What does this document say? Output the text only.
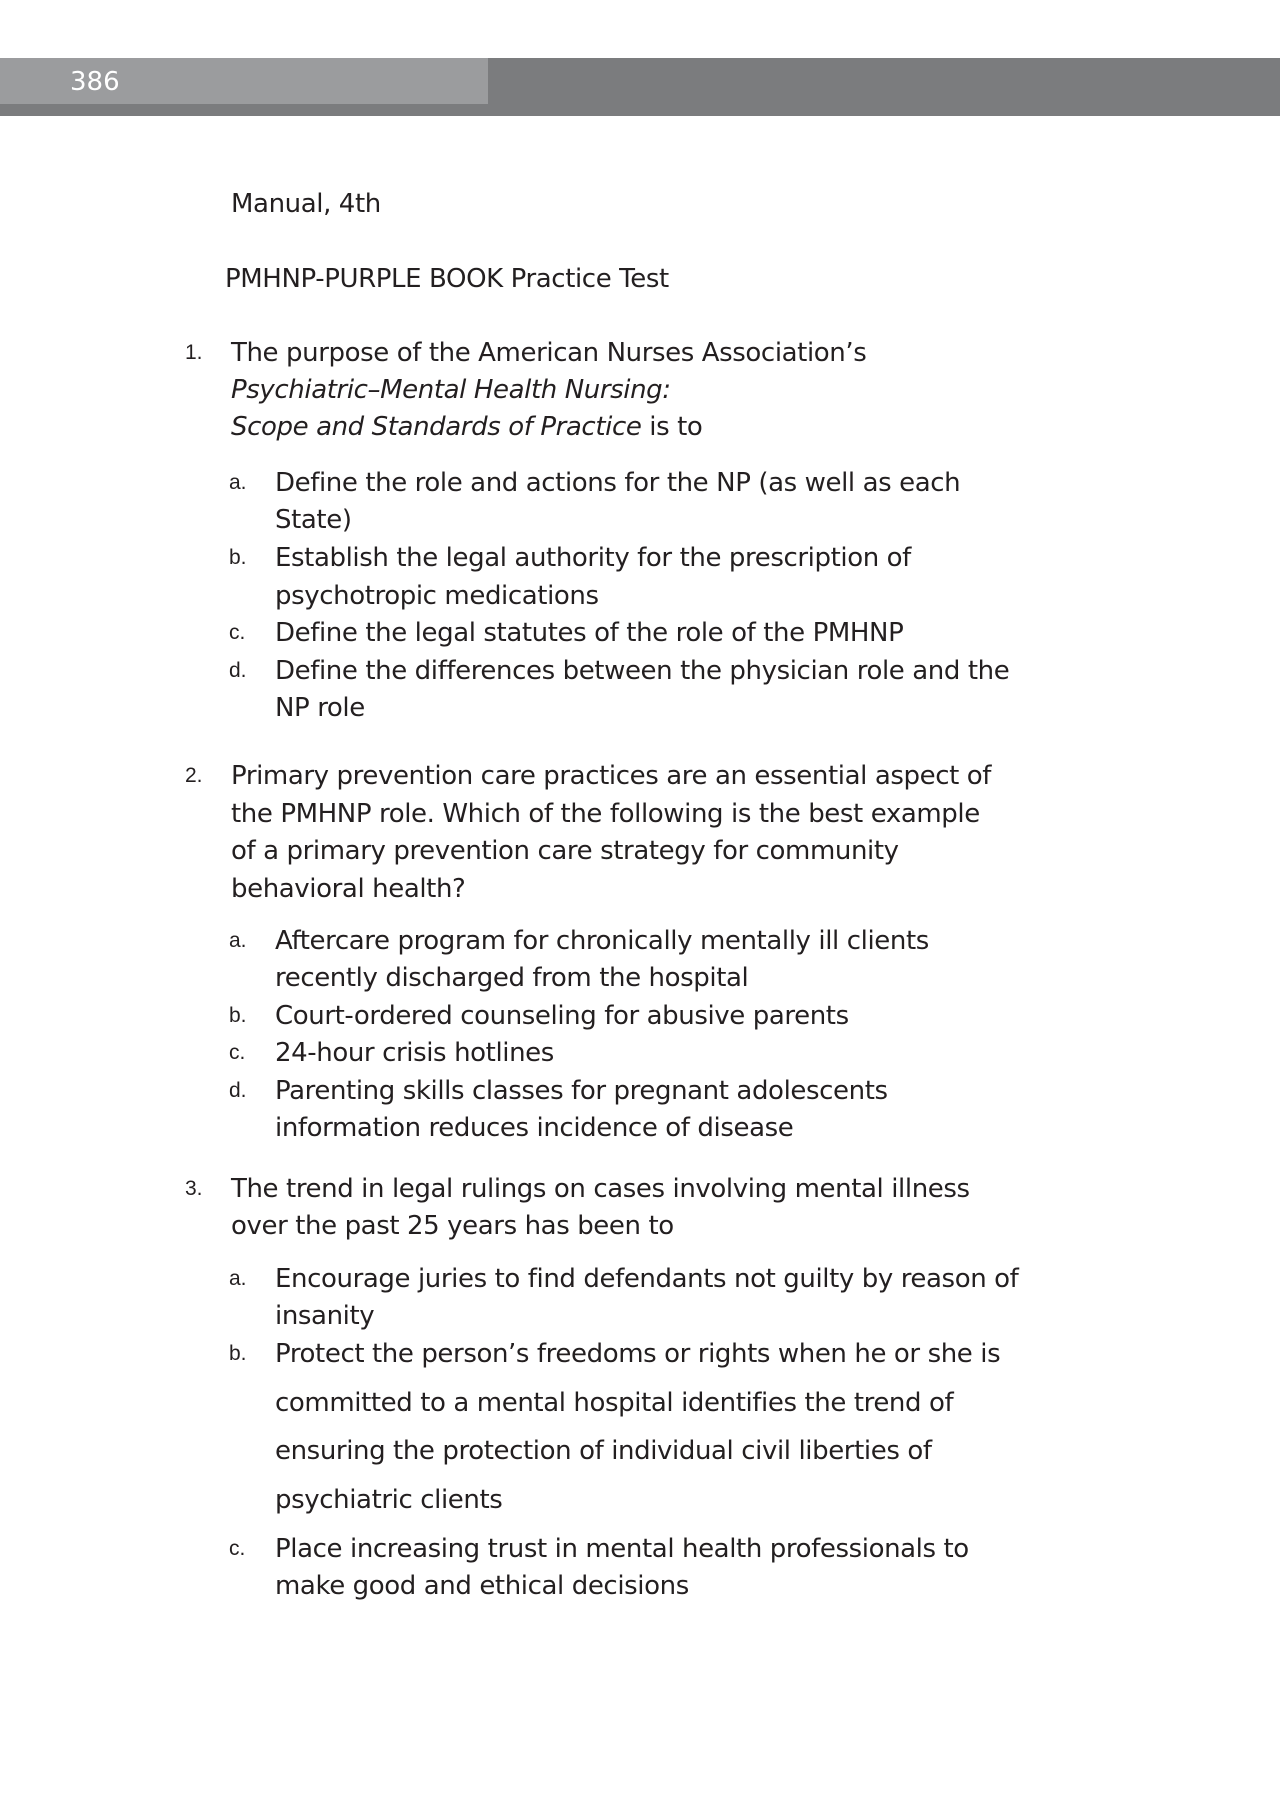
386
Manual, 4th
PMHNP-PURPLE BOOK Practice Test
1. The purpose of the American Nurses Association’s
Psychiatric–Mental Health Nursing:
Scope and Standards of Practice is to
a. Define the role and actions for the NP (as well as each
State)
b. Establish the legal authority for the prescription of
psychotropic medications
c. Define the legal statutes of the role of the PMHNP
d. Define the differences between the physician role and the
NP role
2. Primary prevention care practices are an essential aspect of
the PMHNP role. Which of the following is the best example
of a primary prevention care strategy for community
behavioral health?
a. Aftercare program for chronically mentally ill clients
recently discharged from the hospital
b. Court-ordered counseling for abusive parents
c. 24-hour crisis hotlines
d. Parenting skills classes for pregnant adolescents
information reduces incidence of disease
3. The trend in legal rulings on cases involving mental illness
over the past 25 years has been to
a. Encourage juries to find defendants not guilty by reason of
insanity
b. Protect the person’s freedoms or rights when he or she is
committed to a mental hospital identifies the trend of
ensuring the protection of individual civil liberties of
psychiatric clients
c. Place increasing trust in mental health professionals to
make good and ethical decisions
